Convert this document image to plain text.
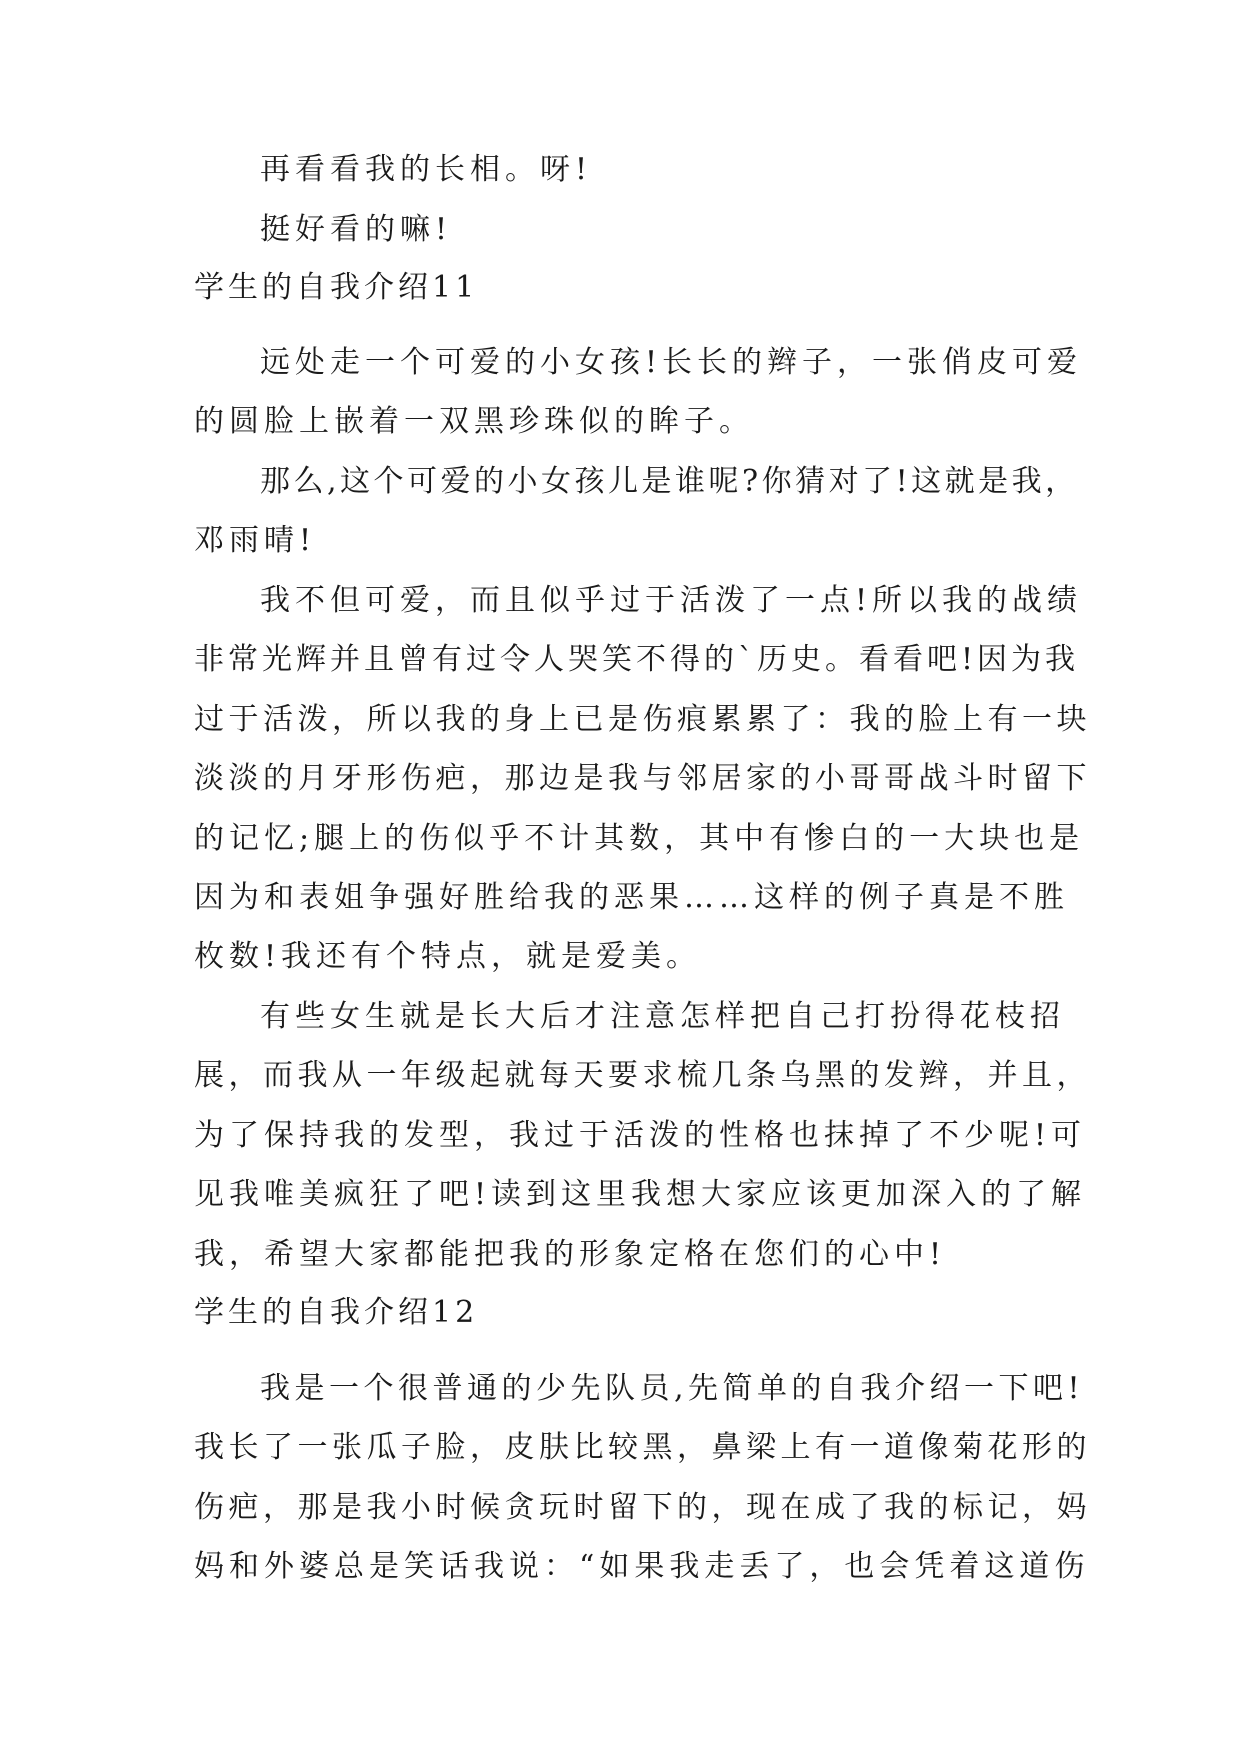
再看看我的长相。呀!
挺好看的嘛!
学生的自我介绍11
远处走一个可爱的小女孩!长长的辫子，一张俏皮可爱
的圆脸上嵌着一双黑珍珠似的眸子。
那么,这个可爱的小女孩儿是谁呢?你猜对了!这就是我，
邓雨晴!
我不但可爱，而且似乎过于活泼了一点!所以我的战绩
非常光辉并且曾有过令人哭笑不得的`历史。看看吧!因为我
过于活泼，所以我的身上已是伤痕累累了：我的脸上有一块
淡淡的月牙形伤疤，那边是我与邻居家的小哥哥战斗时留下
的记忆;腿上的伤似乎不计其数，其中有惨白的一大块也是
因为和表姐争强好胜给我的恶果……这样的例子真是不胜
枚数!我还有个特点，就是爱美。
有些女生就是长大后才注意怎样把自己打扮得花枝招
展，而我从一年级起就每天要求梳几条乌黑的发辫，并且，
为了保持我的发型，我过于活泼的性格也抹掉了不少呢!可
见我唯美疯狂了吧!读到这里我想大家应该更加深入的了解
我，希望大家都能把我的形象定格在您们的心中!
学生的自我介绍12
我是一个很普通的少先队员,先简单的自我介绍一下吧!
我长了一张瓜子脸，皮肤比较黑，鼻梁上有一道像菊花形的
伤疤，那是我小时候贪玩时留下的，现在成了我的标记，妈
妈和外婆总是笑话我说：“如果我走丢了，也会凭着这道伤
